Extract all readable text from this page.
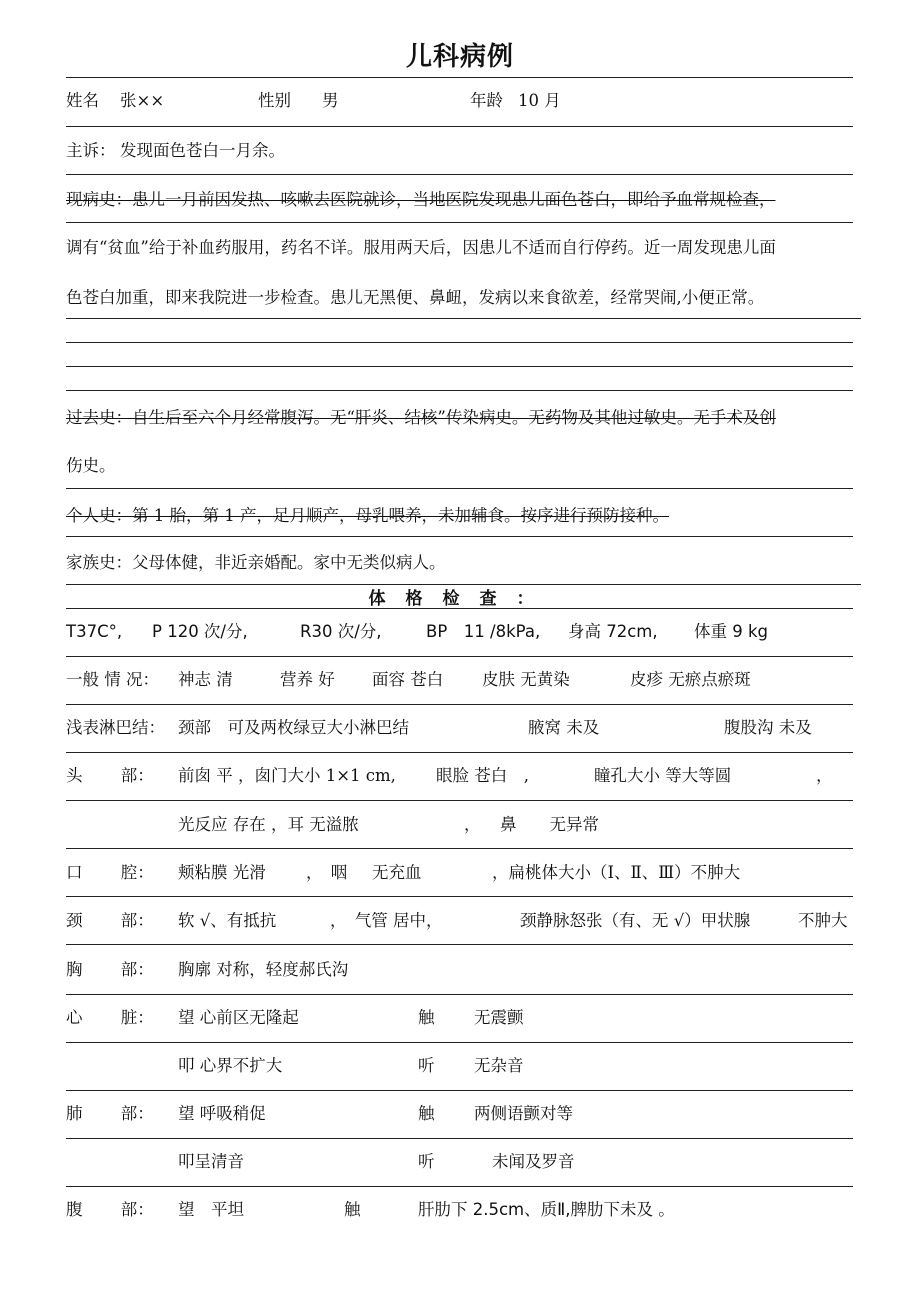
儿科病例
姓名 张××	性别 男	年龄 10 月
主诉： 发现面色苍白一月余。
现病史：患儿一月前因发热、咳嗽去医院就诊，当地医院发现患儿面色苍白，即给予血常规检查，
调有“贫血”给于补血药服用，药名不详。服用两天后，因患儿不适而自行停药。近一周发现患儿面
色苍白加重，即来我院进一步检查。患儿无黑便、鼻衄，发病以来食欲差，经常哭闹,小便正常。
过去史：自生后至六个月经常腹泻。无“肝炎、结核”传染病史。无药物及其他过敏史。无手术及创
伤史。
个人史：第 1 胎，第 1 产，足月顺产，母乳喂养，未加辅食。按序进行预防接种。
家族史：父母体健，非近亲婚配。家中无类似病人。
体格检查：
T37C°, P 120 次/分,	R30 次/分,	BP　11 /8kPa, 身高 72cm, 体重 9 kg
一般 情 况： 神志 清	营养 好 面容 苍白 皮肤 无黄染	皮疹 无瘀点瘀斑
浅表淋巴结： 颈部　可及两枚绿豆大小淋巴结	腋窝 未及	腹股沟 未及
头　　 部： 前囱 平 ，囱门大小 1×1 cm, 眼脸 苍白　,	瞳孔大小 等大等圆	，
光反应 存在 ，耳 无溢脓	， 鼻　　无异常
口　　 腔： 颊粘膜 光滑 ，　咽 无充血	，扁桃体大小（Ⅰ、Ⅱ、Ⅲ）不肿大
颈　　 部： 软 √、有抵抗	，　气管 居中，	颈静脉怒张（有、无 √）甲状腺	不肿大
胸　　 部： 胸廓 对称，轻度郝氏沟
心　　 脏： 望 心前区无隆起	触 无震颤
叩 心界不扩大	听 无杂音
肺　　 部： 望 呼吸稍促	触 两侧语颤对等
叩呈清音	听	未闻及罗音
腹　　 部： 望　平坦	触	肝肋下 2.5cm、质Ⅱ,脾肋下未及 。
